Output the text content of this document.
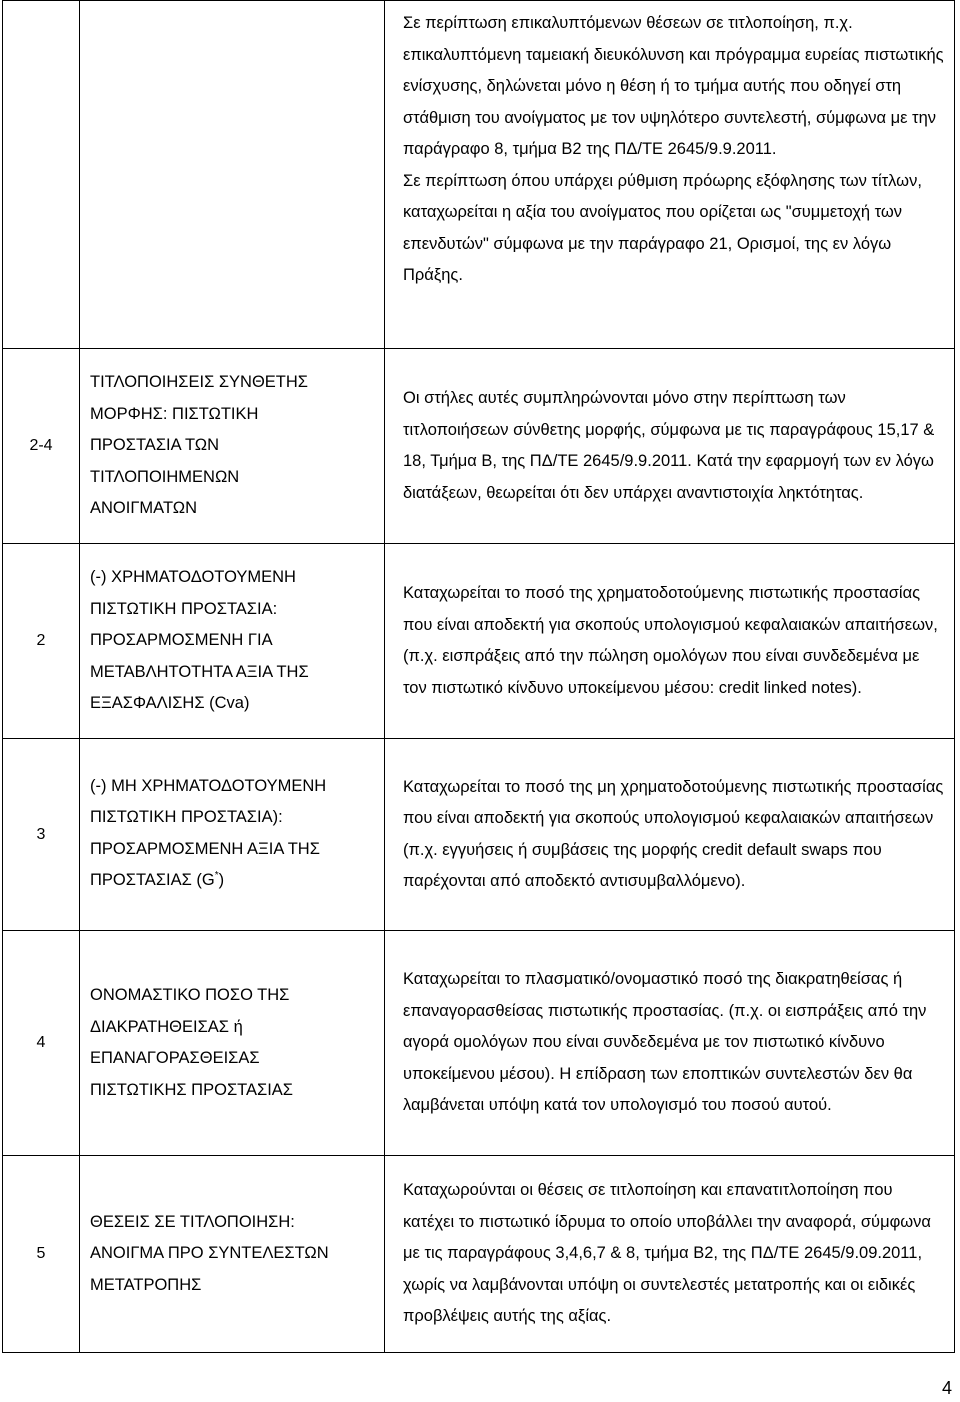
		Σε περίπτωση επικαλυπτόμενων θέσεων σε τιτλοποίηση, π.χ. επικαλυπτόμενη ταμειακή διευκόλυνση και πρόγραμμα ευρείας πιστωτικής ενίσχυσης, δηλώνεται μόνο η θέση ή το τμήμα αυτής που οδηγεί στη στάθμιση του ανοίγματος με τον υψηλότερο συντελεστή, σύμφωνα με την παράγραφο 8, τμήμα Β2 της ΠΔ/ΤΕ 2645/9.9.2011.
Σε περίπτωση όπου υπάρχει ρύθμιση πρόωρης εξόφλησης των τίτλων, καταχωρείται η αξία του ανοίγματος που ορίζεται ως "συμμετοχή των επενδυτών" σύμφωνα με την παράγραφο 21, Ορισμοί, της εν λόγω Πράξης.

2-4	ΤΙΤΛΟΠΟΙΗΣΕΙΣ ΣΥΝΘΕΤΗΣ ΜΟΡΦΗΣ: ΠΙΣΤΩΤΙΚΗ ΠΡΟΣΤΑΣΙΑ ΤΩΝ ΤΙΤΛΟΠΟΙΗΜΕΝΩΝ ΑΝΟΙΓΜΑΤΩΝ	Οι στήλες αυτές συμπληρώνονται μόνο στην περίπτωση των τιτλοποιήσεων σύνθετης μορφής, σύμφωνα με τις παραγράφους 15,17 & 18, Τμήμα Β, της ΠΔ/ΤΕ 2645/9.9.2011. Κατά την εφαρμογή των εν λόγω διατάξεων, θεωρείται ότι δεν υπάρχει αναντιστοιχία ληκτότητας.
2	(-) ΧΡΗΜΑΤΟΔΟΤΟΥΜΕΝΗ ΠΙΣΤΩΤΙΚΗ ΠΡΟΣΤΑΣΙΑ: ΠΡΟΣΑΡΜΟΣΜΕΝΗ ΓΙΑ ΜΕΤΑΒΛΗΤΟΤΗΤΑ ΑΞΙΑ ΤΗΣ ΕΞΑΣΦΑΛΙΣΗΣ (Cva)	Καταχωρείται το ποσό της χρηματοδοτούμενης πιστωτικής προστασίας που είναι αποδεκτή για σκοπούς υπολογισμού κεφαλαιακών απαιτήσεων, (π.χ. εισπράξεις από την πώληση ομολόγων που είναι συνδεδεμένα με τον πιστωτικό κίνδυνο υποκείμενου μέσου: credit linked notes).
3	(-) ΜΗ ΧΡΗΜΑΤΟΔΟΤΟΥΜΕΝΗ ΠΙΣΤΩΤΙΚΗ ΠΡΟΣΤΑΣΙΑ): ΠΡΟΣΑΡΜΟΣΜΕΝΗ ΑΞΙΑ ΤΗΣ ΠΡΟΣΤΑΣΙΑΣ (G*)	Καταχωρείται το ποσό της μη χρηματοδοτούμενης πιστωτικής προστασίας που είναι αποδεκτή για σκοπούς υπολογισμού κεφαλαιακών απαιτήσεων (π.χ. εγγυήσεις ή συμβάσεις της μορφής credit default swaps που παρέχονται από αποδεκτό αντισυμβαλλόμενο).
4	ΟΝΟΜΑΣΤΙΚΟ ΠΟΣΟ ΤΗΣ ΔΙΑΚΡΑΤΗΘΕΙΣΑΣ ή ΕΠΑΝΑΓΟΡΑΣΘΕΙΣΑΣ ΠΙΣΤΩΤΙΚΗΣ ΠΡΟΣΤΑΣΙΑΣ	Καταχωρείται το πλασματικό/ονομαστικό ποσό της διακρατηθείσας ή επαναγορασθείσας πιστωτικής προστασίας. (π.χ. οι εισπράξεις από την αγορά ομολόγων που είναι συνδεδεμένα με τον πιστωτικό κίνδυνο υποκείμενου μέσου). Η επίδραση των εποπτικών συντελεστών δεν θα λαμβάνεται υπόψη κατά τον υπολογισμό του ποσού αυτού.
5	ΘΕΣΕΙΣ ΣΕ ΤΙΤΛΟΠΟΙΗΣΗ: ΑΝΟΙΓΜΑ ΠΡΟ ΣΥΝΤΕΛΕΣΤΩΝ ΜΕΤΑΤΡΟΠΗΣ	Καταχωρούνται οι θέσεις σε τιτλοποίηση και επανατιτλοποίηση που κατέχει το πιστωτικό ίδρυμα το οποίο υποβάλλει την αναφορά, σύμφωνα με τις παραγράφους 3,4,6,7 & 8, τμήμα Β2, της ΠΔ/ΤΕ 2645/9.09.2011, χωρίς να λαμβάνονται υπόψη οι συντελεστές μετατροπής και οι ειδικές προβλέψεις αυτής της αξίας.
4
